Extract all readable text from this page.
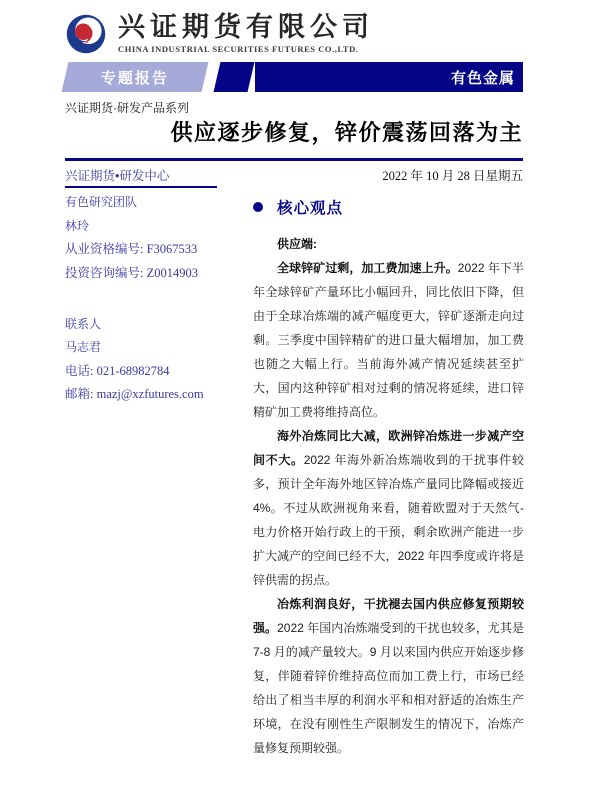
兴证期货有限公司
CHINA INDUSTRIAL SECURITIES FUTURES CO.,LTD.
专题报告	有色金属
兴证期货·研发产品系列
供应逐步修复，锌价震荡回落为主
兴证期货•研发中心	2022 年 10 月 28 日星期五
有色研究团队
林玲
从业资格编号: F3067533
投资咨询编号: Z0014903
联系人
马志君
电话: 021-68982784
邮箱: mazj@xzfutures.com
核心观点

供应端:

全球锌矿过剩，加工费加速上升。2022 年下半年全球锌矿产量环比小幅回升，同比依旧下降，但由于全球冶炼端的减产幅度更大，锌矿逐渐走向过剩。三季度中国锌精矿的进口量大幅增加，加工费也随之大幅上行。当前海外减产情况延续甚至扩大，国内这种锌矿相对过剩的情况将延续，进口锌精矿加工费将维持高位。

海外冶炼同比大减，欧洲锌冶炼进一步减产空间不大。2022 年海外新冶炼端收到的干扰事件较多，预计全年海外地区锌冶炼产量同比降幅或接近 4%。不过从欧洲视角来看，随着欧盟对于天然气-电力价格开始行政上的干预，剩余欧洲产能进一步扩大减产的空间已经不大，2022 年四季度或许将是锌供需的拐点。

冶炼利润良好，干扰褪去国内供应修复预期较强。2022 年国内冶炼端受到的干扰也较多，尤其是 7-8 月的减产量较大。9 月以来国内供应开始逐步修复，伴随着锌价维持高位而加工费上行，市场已经给出了相当丰厚的利润水平和相对舒适的冶炼生产环境，在没有刚性生产限制发生的情况下，冶炼产量修复预期较强。
